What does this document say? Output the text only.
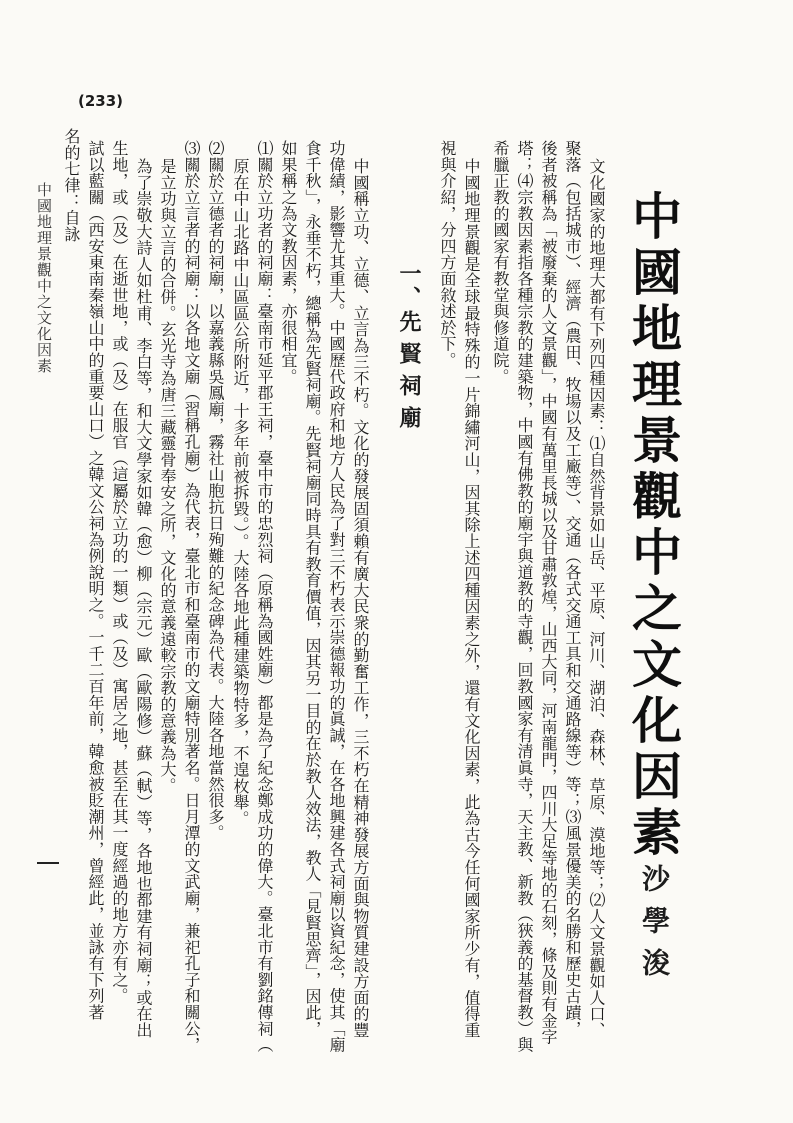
(233)
中國地理景觀中之文化因素
沙學浚
文化國家的地理大都有下列四種因素：⑴自然背景如山岳、平原、河川、湖泊、森林、草原、漠地等；⑵人文景觀如人口、
聚落（包括城市）、經濟（農田、牧場以及工廠等）、交通（各式交通工具和交通路線等）等；⑶風景優美的名勝和歷史古蹟，
後者被稱為「被廢棄的人文景觀」，中國有萬里長城以及甘肅敦煌，山西大同，河南龍門，四川大足等地的石刻，條及則有金字
塔；⑷宗教因素指各種宗教的建築物，中國有佛教的廟宇與道教的寺觀，回教國家有清眞寺，天主教、新教（狹義的基督教）與
希臘正教的國家有教堂與修道院。
中國地理景觀是全球最特殊的一片錦繡河山，因其除上述四種因素之外，還有文化因素，此為古今任何國家所少有，值得重
視與介紹，分四方面敘述於下。
一、先賢祠廟
中國稱立功、立德、立言為三不朽。文化的發展固須賴有廣大民衆的勤奮工作，三不朽在精神發展方面與物質建設方面的豐
功偉績，影響尤其重大。中國歷代政府和地方人民為了對三不朽表示崇德報功的眞誠，在各地興建各式祠廟以資紀念，使其「廟
食千秋」，永垂不朽，總稱為先賢祠廟。先賢祠廟同時具有教育價值，因其另一目的在於教人效法，教人「見賢思齊」，因此，
如果稱之為文教因素，亦很相宜。
⑴關於立功者的祠廟：臺南市延平郡王祠，臺中市的忠烈祠（原稱為國姓廟）都是為了紀念鄭成功的偉大。臺北市有劉銘傳祠（
原在中山北路中山區區公所附近，十多年前被拆毀。）。大陸各地此種建築物特多，不遑枚舉。
⑵關於立德者的祠廟，以嘉義縣吳鳳廟，霧社山胞抗日殉難的紀念碑為代表。大陸各地當然很多。
⑶關於立言者的祠廟：以各地文廟（習稱孔廟）為代表，臺北市和臺南市的文廟特別著名。日月潭的文武廟，兼祀孔子和關公，
是立功與立言的合併。玄光寺為唐三藏靈骨奉安之所，文化的意義遠較宗教的意義為大。
為了崇敬大詩人如杜甫、李白等，和大文學家如韓（愈）柳（宗元）歐（歐陽修）蘇（軾）等，各地也都建有祠廟；或在出
生地，或（及）在逝世地，或（及）在服官（這屬於立功的一類）或（及）寓居之地，甚至在其一度經過的地方亦有之。
試以藍關（西安東南秦嶺山中的重要山口）之韓文公祠為例說明之。一千二百年前，韓愈被貶潮州，曾經此，並詠有下列著
名的七律：自詠
中國地理景觀中之文化因素
